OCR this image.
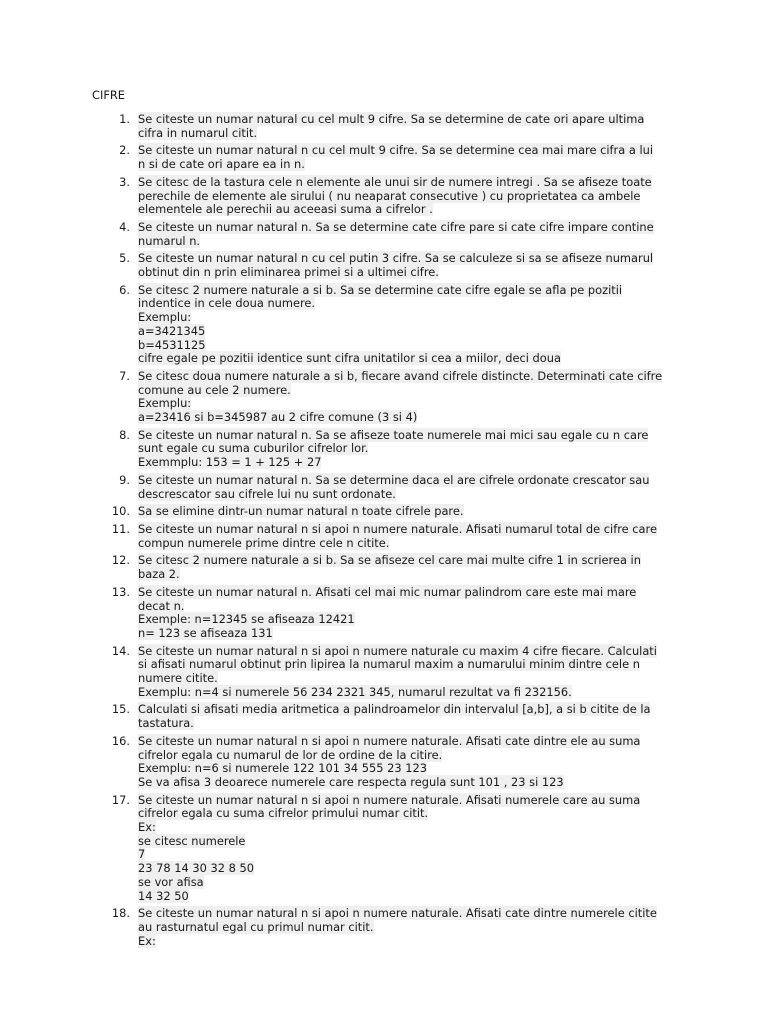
CIFRE
1. Se citeste un numar natural cu cel mult 9 cifre. Sa se determine de cate ori apare ultima
cifra in numarul citit.
2. Se citeste un numar natural n cu cel mult 9 cifre. Sa se determine cea mai mare cifra a lui
n si de cate ori apare ea in n.
3. Se citesc de la tastura cele n elemente ale unui sir de numere intregi . Sa se afiseze toate
perechile de elemente ale sirului ( nu neaparat consecutive ) cu proprietatea ca ambele
elementele ale perechii au aceeasi suma a cifrelor .
4. Se citeste un numar natural n. Sa se determine cate cifre pare si cate cifre impare contine
numarul n.
5. Se citeste un numar natural n cu cel putin 3 cifre. Sa se calculeze si sa se afiseze numarul
obtinut din n prin eliminarea primei si a ultimei cifre.
6. Se citesc 2 numere naturale a si b. Sa se determine cate cifre egale se afla pe pozitii
indentice in cele doua numere.
Exemplu:
a=3421345
b=4531125
cifre egale pe pozitii identice sunt cifra unitatilor si cea a miilor, deci doua
7. Se citesc doua numere naturale a si b, fiecare avand cifrele distincte. Determinati cate cifre
comune au cele 2 numere.
Exemplu:
a=23416 si b=345987 au 2 cifre comune (3 si 4)
8. Se citeste un numar natural n. Sa se afiseze toate numerele mai mici sau egale cu n care
sunt egale cu suma cuburilor cifrelor lor.
Exemmplu: 153 = 1 + 125 + 27
9. Se citeste un numar natural n. Sa se determine daca el are cifrele ordonate crescator sau
descrescator sau cifrele lui nu sunt ordonate.
10. Sa se elimine dintr-un numar natural n toate cifrele pare.
11. Se citeste un numar natural n si apoi n numere naturale. Afisati numarul total de cifre care
compun numerele prime dintre cele n citite.
12. Se citesc 2 numere naturale a si b. Sa se afiseze cel care mai multe cifre 1 in scrierea in
baza 2.
13. Se citeste un numar natural n. Afisati cel mai mic numar palindrom care este mai mare
decat n.
Exemple: n=12345 se afiseaza 12421
n= 123 se afiseaza 131
14. Se citeste un numar natural n si apoi n numere naturale cu maxim 4 cifre fiecare. Calculati
si afisati numarul obtinut prin lipirea la numarul maxim a numarului minim dintre cele n
numere citite.
Exemplu: n=4 si numerele 56 234 2321 345, numarul rezultat va fi 232156.
15. Calculati si afisati media aritmetica a palindroamelor din intervalul [a,b], a si b citite de la
tastatura.
16. Se citeste un numar natural n si apoi n numere naturale. Afisati cate dintre ele au suma
cifrelor egala cu numarul de lor de ordine de la citire.
Exemplu: n=6 si numerele 122 101 34 555 23 123
Se va afisa 3 deoarece numerele care respecta regula sunt 101 , 23 si 123
17. Se citeste un numar natural n si apoi n numere naturale. Afisati numerele care au suma
cifrelor egala cu suma cifrelor primului numar citit.
Ex:
se citesc numerele
7
23 78 14 30 32 8 50
se vor afisa
14 32 50
18. Se citeste un numar natural n si apoi n numere naturale. Afisati cate dintre numerele citite
au rasturnatul egal cu primul numar citit.
Ex:
